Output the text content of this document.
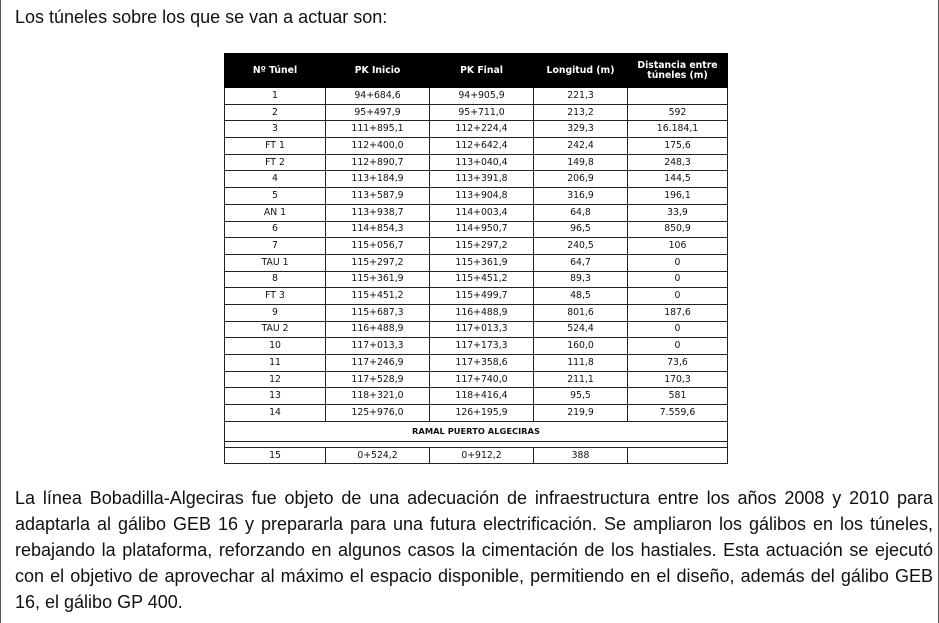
Los túneles sobre los que se van a actuar son:
Nº Túnel	PK Inicio	PK Final	Longitud (m)	Distancia entre túneles (m)
1	94+684,6	94+905,9	221,3	
2	95+497,9	95+711,0	213,2	592
3	111+895,1	112+224,4	329,3	16.184,1
FT 1	112+400,0	112+642,4	242,4	175,6
FT 2	112+890,7	113+040,4	149,8	248,3
4	113+184,9	113+391,8	206,9	144,5
5	113+587,9	113+904,8	316,9	196,1
AN 1	113+938,7	114+003,4	64,8	33,9
6	114+854,3	114+950,7	96,5	850,9
7	115+056,7	115+297,2	240,5	106
TAU 1	115+297,2	115+361,9	64,7	0
8	115+361,9	115+451,2	89,3	0
FT 3	115+451,2	115+499,7	48,5	0
9	115+687,3	116+488,9	801,6	187,6
TAU 2	116+488,9	117+013,3	524,4	0
10	117+013,3	117+173,3	160,0	0
11	117+246,9	117+358,6	111,8	73,6
12	117+528,9	117+740,0	211,1	170,3
13	118+321,0	118+416,4	95,5	581
14	125+976,0	126+195,9	219,9	7.559,6
RAMAL PUERTO ALGECIRAS				

15	0+524,2	0+912,2	388	

La línea Bobadilla-Algeciras fue objeto de una adecuación de infraestructura entre los años 2008 y 2010 para adaptarla al gálibo GEB 16 y prepararla para una futura electrificación. Se ampliaron los gálibos en los túneles, rebajando la plataforma, reforzando en algunos casos la cimentación de los hastiales. Esta actuación se ejecutó con el objetivo de aprovechar al máximo el espacio disponible, permitiendo en el diseño, además del gálibo GEB 16, el gálibo GP 400.
